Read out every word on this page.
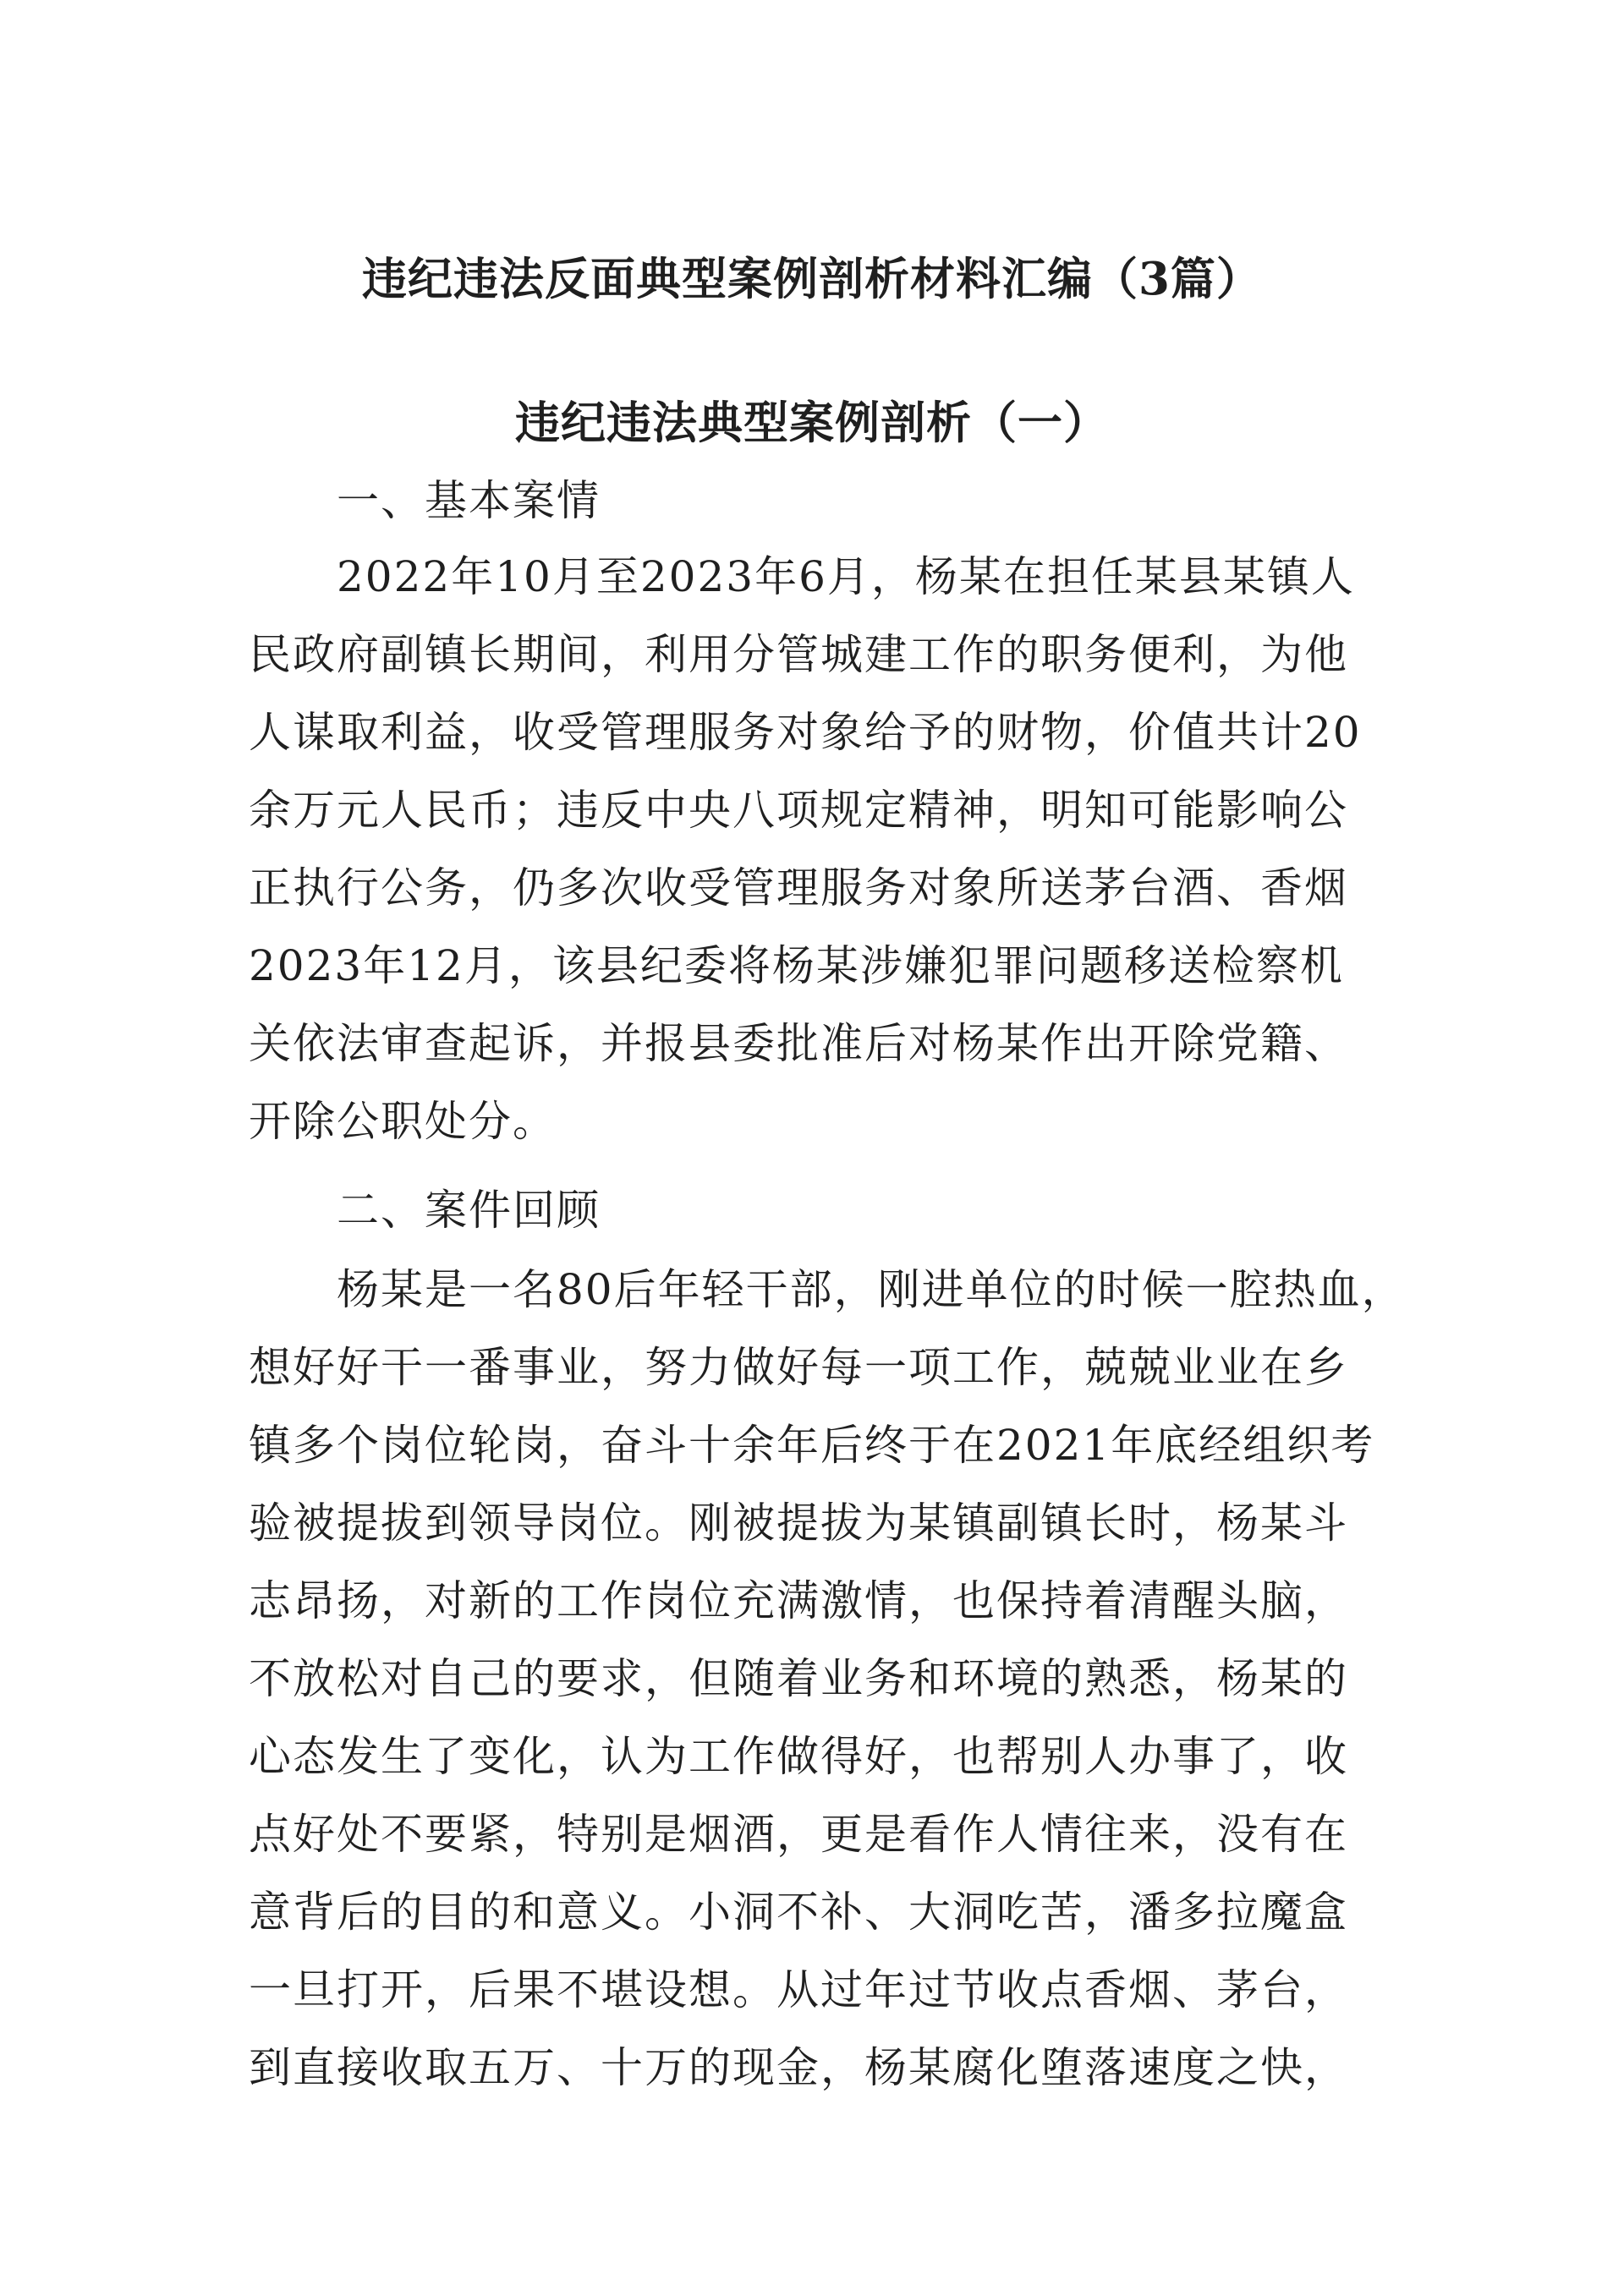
违纪违法反面典型案例剖析材料汇编（3篇）
违纪违法典型案例剖析（一）
一、基本案情
2022年10月至2023年6月，杨某在担任某县某镇人
民政府副镇长期间，利用分管城建工作的职务便利，为他
人谋取利益，收受管理服务对象给予的财物，价值共计20
余万元人民币；违反中央八项规定精神，明知可能影响公
正执行公务，仍多次收受管理服务对象所送茅台酒、香烟
2023年12月，该县纪委将杨某涉嫌犯罪问题移送检察机
关依法审查起诉，并报县委批准后对杨某作出开除党籍、
开除公职处分。
二、案件回顾
杨某是一名80后年轻干部，刚进单位的时候一腔热血，
想好好干一番事业，努力做好每一项工作，兢兢业业在乡
镇多个岗位轮岗，奋斗十余年后终于在2021年底经组织考
验被提拔到领导岗位。刚被提拔为某镇副镇长时，杨某斗
志昂扬，对新的工作岗位充满激情，也保持着清醒头脑，
不放松对自己的要求，但随着业务和环境的熟悉，杨某的
心态发生了变化，认为工作做得好，也帮别人办事了，收
点好处不要紧，特别是烟酒，更是看作人情往来，没有在
意背后的目的和意义。小洞不补、大洞吃苦，潘多拉魔盒
一旦打开，后果不堪设想。从过年过节收点香烟、茅台，
到直接收取五万、十万的现金，杨某腐化堕落速度之快，
